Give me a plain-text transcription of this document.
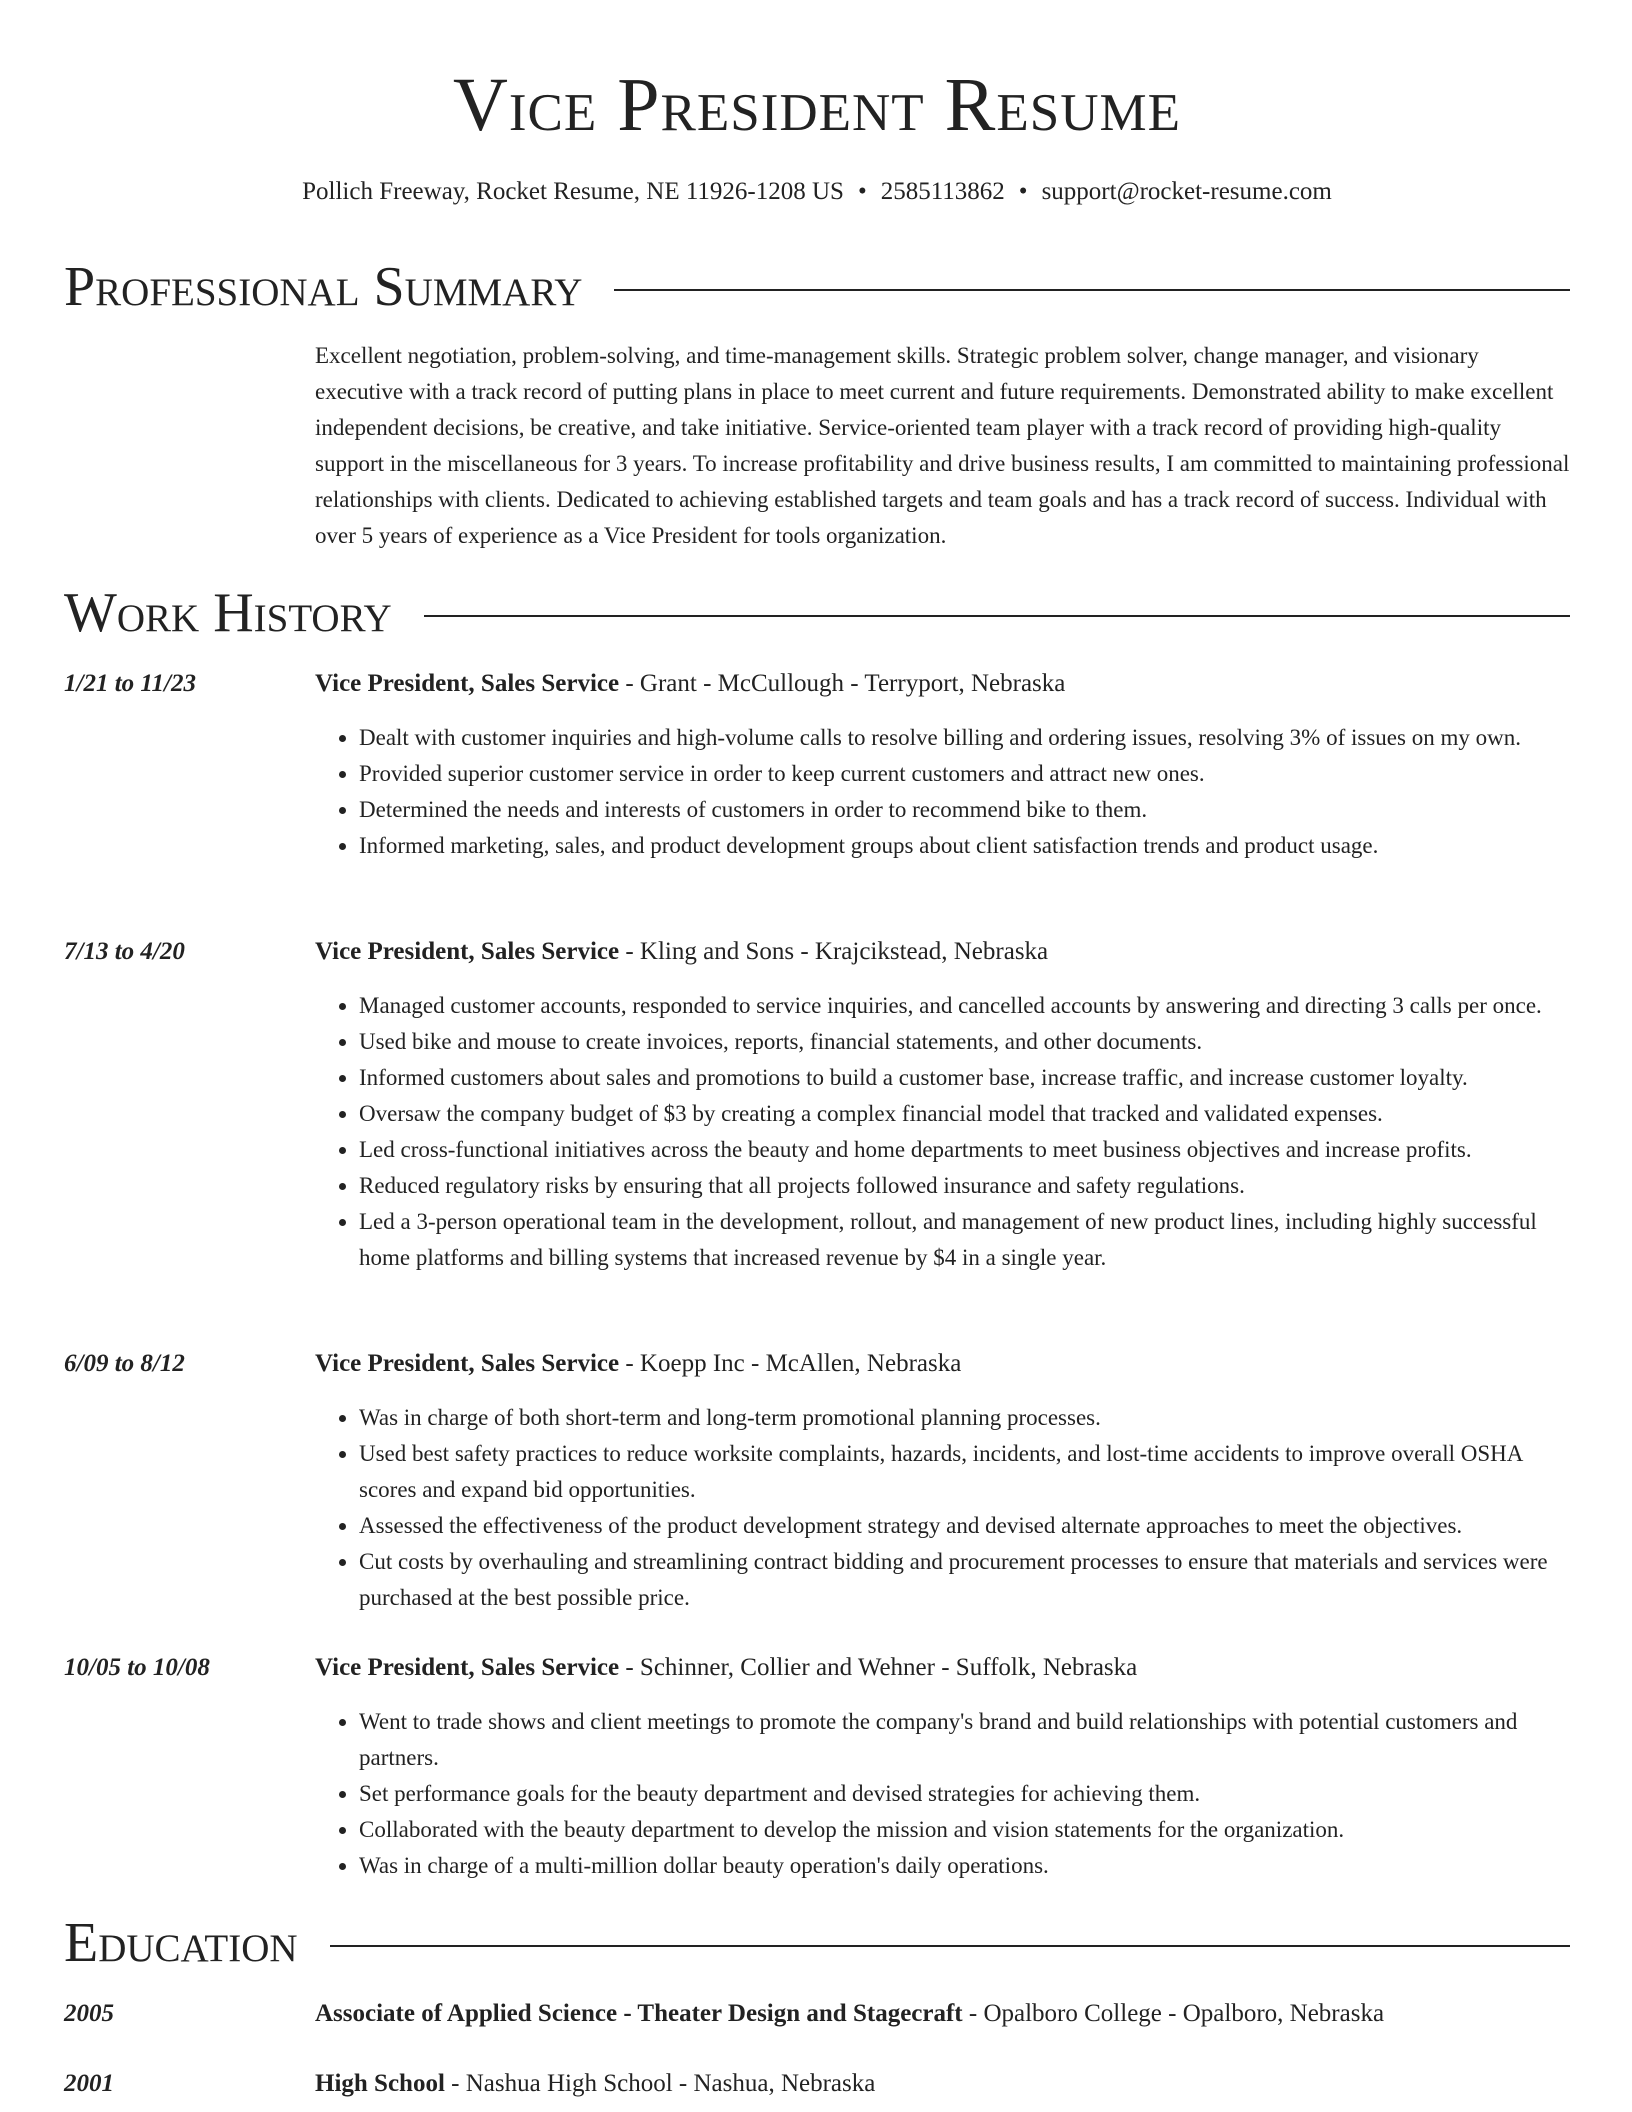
Vice President Resume
Pollich Freeway, Rocket Resume, NE 11926-1208 US • 2585113862 • support@rocket-resume.com
Professional Summary

Excellent negotiation, problem-solving, and time-management skills. Strategic problem solver, change manager, and visionary executive with a track record of putting plans in place to meet current and future requirements. Demonstrated ability to make excellent independent decisions, be creative, and take initiative. Service-oriented team player with a track record of providing high-quality support in the miscellaneous for 3 years. To increase profitability and drive business results, I am committed to maintaining professional relationships with clients. Dedicated to achieving established targets and team goals and has a track record of success. Individual with over 5 years of experience as a Vice President for tools organization.

Work History
1/21 to 11/23	Vice President, Sales Service - Grant - McCullough - Terryport, Nebraska
• Dealt with customer inquiries and high-volume calls to resolve billing and ordering issues, resolving 3% of issues on my own.
• Provided superior customer service in order to keep current customers and attract new ones.
• Determined the needs and interests of customers in order to recommend bike to them.
• Informed marketing, sales, and product development groups about client satisfaction trends and product usage.
7/13 to 4/20	Vice President, Sales Service - Kling and Sons - Krajcikstead, Nebraska
• Managed customer accounts, responded to service inquiries, and cancelled accounts by answering and directing 3 calls per once.
• Used bike and mouse to create invoices, reports, financial statements, and other documents.
• Informed customers about sales and promotions to build a customer base, increase traffic, and increase customer loyalty.
• Oversaw the company budget of $3 by creating a complex financial model that tracked and validated expenses.
• Led cross-functional initiatives across the beauty and home departments to meet business objectives and increase profits.
• Reduced regulatory risks by ensuring that all projects followed insurance and safety regulations.
• Led a 3-person operational team in the development, rollout, and management of new product lines, including highly successful home platforms and billing systems that increased revenue by $4 in a single year.
6/09 to 8/12	Vice President, Sales Service - Koepp Inc - McAllen, Nebraska
• Was in charge of both short-term and long-term promotional planning processes.
• Used best safety practices to reduce worksite complaints, hazards, incidents, and lost-time accidents to improve overall OSHA scores and expand bid opportunities.
• Assessed the effectiveness of the product development strategy and devised alternate approaches to meet the objectives.
• Cut costs by overhauling and streamlining contract bidding and procurement processes to ensure that materials and services were purchased at the best possible price.
10/05 to 10/08	Vice President, Sales Service - Schinner, Collier and Wehner - Suffolk, Nebraska
• Went to trade shows and client meetings to promote the company's brand and build relationships with potential customers and partners.
• Set performance goals for the beauty department and devised strategies for achieving them.
• Collaborated with the beauty department to develop the mission and vision statements for the organization.
• Was in charge of a multi-million dollar beauty operation's daily operations.
Education
2005	Associate of Applied Science - Theater Design and Stagecraft - Opalboro College - Opalboro, Nebraska
2001	High School - Nashua High School - Nashua, Nebraska
